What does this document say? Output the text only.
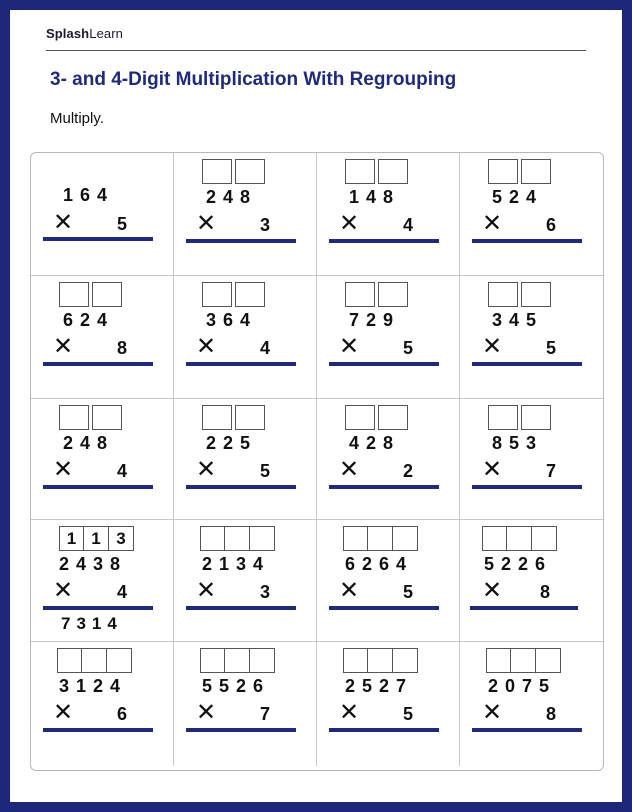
SplashLearn
3- and 4-Digit Multiplication With Regrouping
Multiply.
164
✕ 5
248
✕ 3
148
✕ 4
524
✕ 6
624
✕ 8
364
✕ 4
729
✕ 5
345
✕ 5
248
✕ 4
225
✕ 5
428
✕ 2
853
✕ 7
1 1 3
2438
✕ 4
7314
2134
✕ 3
6264
✕ 5
5226
✕ 8
3124
✕ 6
5526
✕ 7
2527
✕ 5
2075
✕ 8
